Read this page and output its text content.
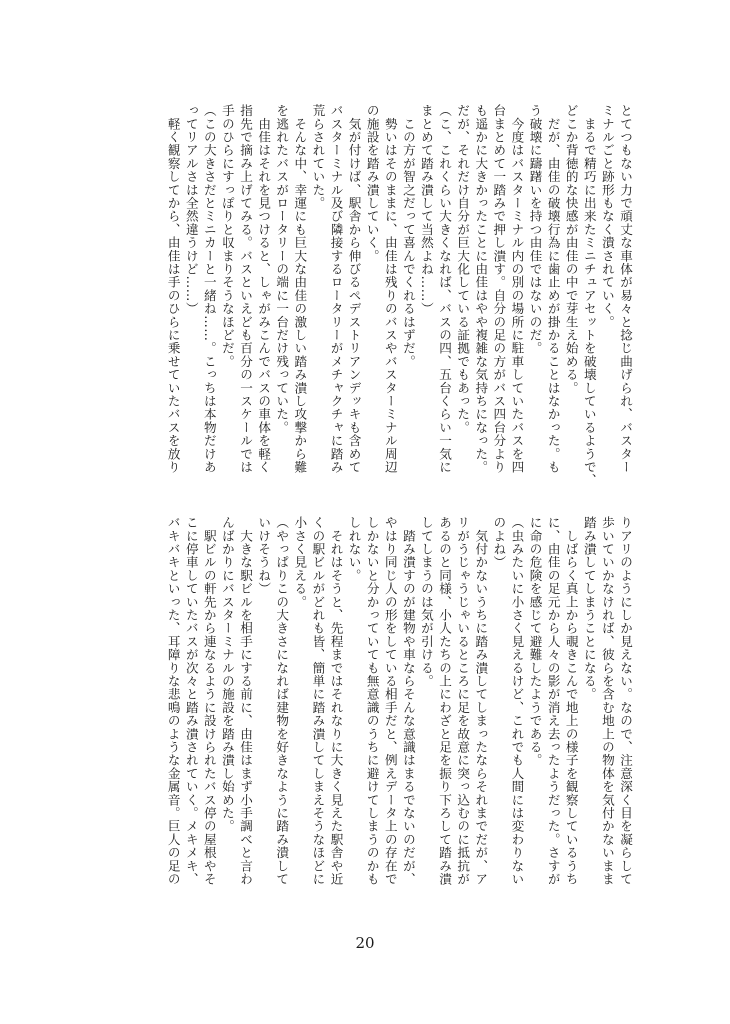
とてつもない力で頑丈な車体が易々と捻じ曲げられ、バスター

ミナルごと跡形もなく潰されていく。

　まるで精巧に出来たミニチュアセットを破壊しているようで、

どこか背徳的な快感が由佳の中で芽生え始める。

　だが、由佳の破壊行為に歯止めが掛かることはなかった。も

う破壊に躊躇いを持つ由佳ではないのだ。

　今度はバスターミナル内の別の場所に駐車していたバスを四

台まとめて一踏みで押し潰す。自分の足の方がバス四台分より

も遥かに大きかったことに由佳はやや複雑な気持ちになった。

だが、それだけ自分が巨大化している証拠でもあった。

（こ、これくらい大きくなれば、バスの四、五台くらい一気に

まとめて踏み潰して当然よね……）

　この方が智之だって喜んでくれるはずだ。

　勢いはそのままに、由佳は残りのバスやバスターミナル周辺

の施設を踏み潰していく。

　気が付けば、駅舎から伸びるペデストリアンデッキも含めて

バスターミナル及び隣接するロータリーがメチャクチャに踏み

荒らされていた。

　そんな中、幸運にも巨大な由佳の激しい踏み潰し攻撃から難

を逃れたバスがロータリーの端に一台だけ残っていた。

　由佳はそれを見つけると、しゃがみこんでバスの車体を軽く

指先で摘み上げてみる。バスといえども百分の一スケールでは

手のひらにすっぽりと収まりそうなほどだ。

（この大きさだとミニカーと一緒ね……。こっちは本物だけあ

ってリアルさは全然違うけど……）

　軽く観察してから、由佳は手のひらに乗せていたバスを放り

りアリのようにしか見えない。なので、注意深く目を凝らして

歩いていかなければ、彼らを含む地上の物体を気付かないまま

踏み潰してしまうことになる。

　しばらく真上から覗きこんで地上の様子を観察しているうち

に、由佳の足元から人々の影が消え去ったようだった。さすが

に命の危険を感じて避難したようである。

（虫みたいに小さく見えるけど、これでも人間には変わりない

のよね）

　気付かないうちに踏み潰してしまったならそれまでだが、ア

リがうじゃうじゃいるところに足を故意に突っ込むのに抵抗が

あるのと同様、小人たちの上にわざと足を振り下ろして踏み潰

してしまうのは気が引ける。

　踏み潰すのが建物や車ならそんな意識はまるでないのだが、

やはり同じ人の形をしている相手だと、例えデータ上の存在で

しかないと分かっていても無意識のうちに避けてしまうのかも

しれない。

　それはそうと、先程まではそれなりに大きく見えた駅舎や近

くの駅ビルがどれも皆、簡単に踏み潰してしまえそうなほどに

小さく見える。

（やっぱりこの大きさになれば建物を好きなように踏み潰して

いけそうね）

　大きな駅ビルを相手にする前に、由佳はまず小手調べと言わ

んばかりにバスターミナルの施設を踏み潰し始めた。

　駅ビルの軒先から連なるように設けられたバス停の屋根やそ

こに停車していたバスが次々と踏み潰されていく。メキメキ、

バキバキといった、耳障りな悲鳴のような金属音。巨人の足の

20
